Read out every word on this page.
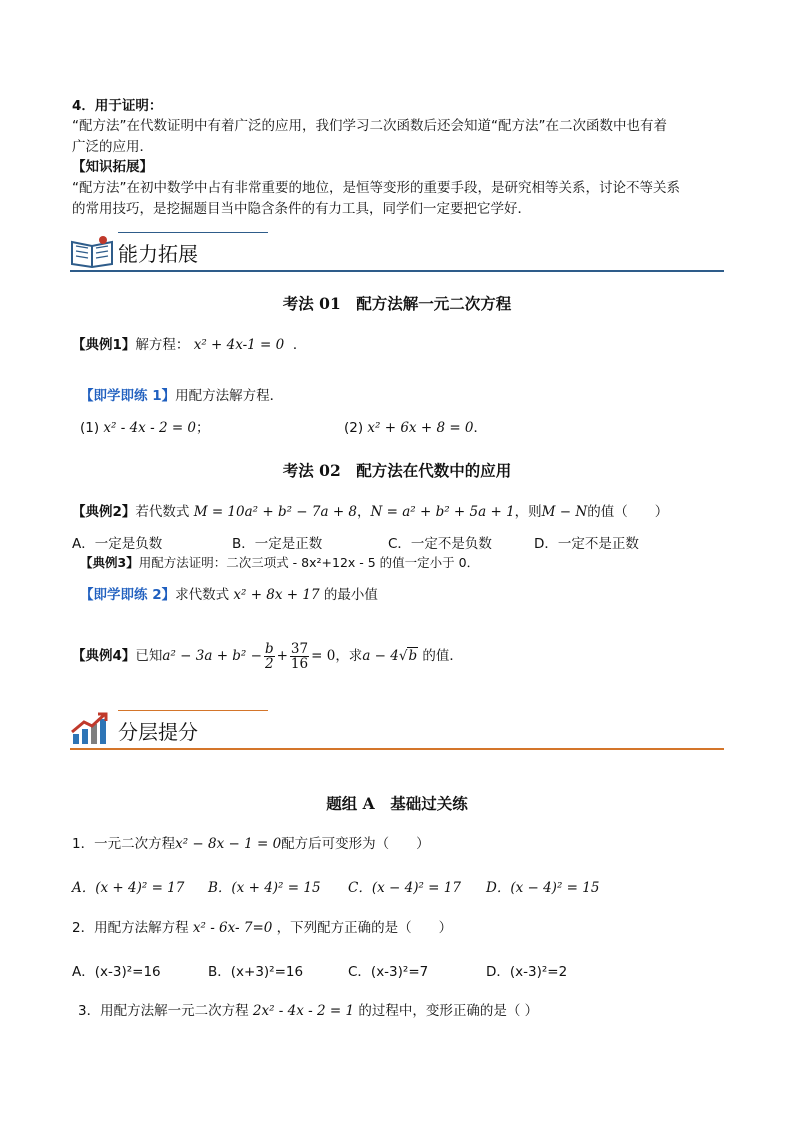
4．用于证明：
“配方法”在代数证明中有着广泛的应用，我们学习二次函数后还会知道“配方法”在二次函数中也有着
广泛的应用．
【知识拓展】
“配方法”在初中数学中占有非常重要的地位，是恒等变形的重要手段，是研究相等关系，讨论不等关系
的常用技巧，是挖掘题目当中隐含条件的有力工具，同学们一定要把它学好．
能力拓展
考法 01　配方法解一元二次方程
【典例1】解方程： x² + 4x-1 = 0 ．
【即学即练 1】用配方法解方程．
(1) x² - 4x - 2 = 0；	(2) x² + 6x + 8 = 0．
考法 02　配方法在代数中的应用
【典例2】若代数式 M = 10a² + b² − 7a + 8，N = a² + b² + 5a + 1，则M − N的值（　　）
A．一定是负数	B．一定是正数	C．一定不是负数	D．一定不是正数
【典例3】用配方法证明：二次三项式 - 8x²+12x - 5 的值一定小于 0．
【即学即练 2】求代数式 x² + 8x + 17 的最小值
【典例4】已知$a^2 - 3a + b^2 - \frac{b}{2} + \frac{37}{16} = 0$，求a − 4√b 的值．
分层提分
题组 A　基础过关练
1．一元二次方程x² − 8x − 1 = 0配方后可变形为（　　）
A．(x + 4)² = 17 B．(x + 4)² = 15 C．(x − 4)² = 17 D．(x − 4)² = 15
2．用配方法解方程 x² - 6x- 7=0 ，下列配方正确的是（　　）
A．(x-3)²=16	B．(x+3)²=16	C．(x-3)²=7	D．(x-3)²=2
3．用配方法解一元二次方程 2x² - 4x - 2 = 1 的过程中，变形正确的是（ ）
